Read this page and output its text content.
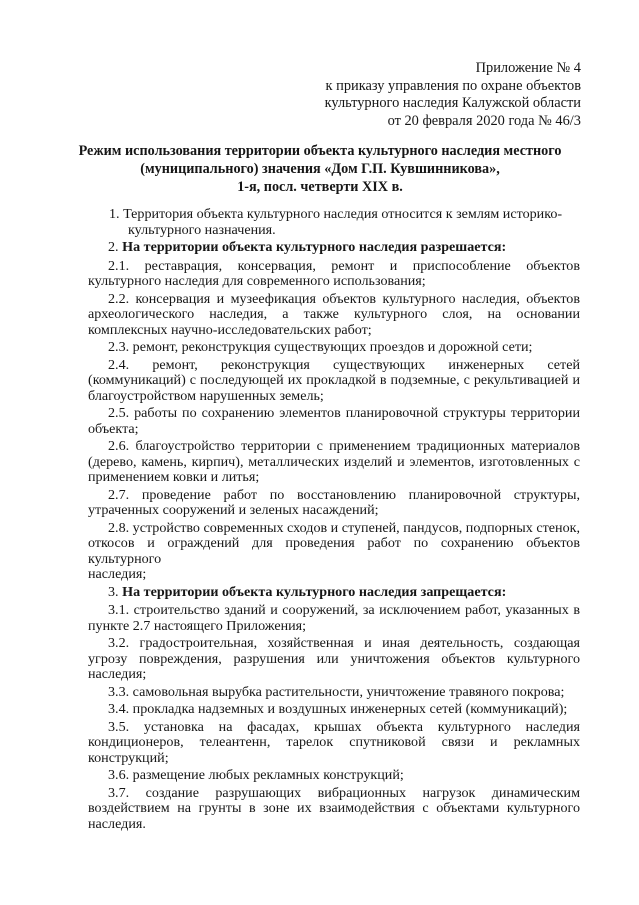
Приложение № 4
к приказу управления по охране объектов
культурного наследия Калужской области
от 20 февраля 2020 года № 46/3
Режим использования территории объекта культурного наследия местного
(муниципального) значения «Дом Г.П. Кувшинникова»,
1-я, посл. четверти XIX в.

1. Территория объекта культурного наследия относится к землям историко-культурного назначения.

2. На территории объекта культурного наследия разрешается:

2.1. реставрация, консервация, ремонт и приспособление объектов культурного наследия для современного использования;

2.2. консервация и музеефикация объектов культурного наследия, объектов археологического наследия, а также культурного слоя, на основании комплексных научно-исследовательских работ;

2.3. ремонт, реконструкция существующих проездов и дорожной сети;

2.4. ремонт, реконструкция существующих инженерных сетей (коммуникаций) с последующей их прокладкой в подземные, с рекультивацией и благоустройством нарушенных земель;

2.5. работы по сохранению элементов планировочной структуры территории объекта;

2.6. благоустройство территории с применением традиционных материалов (дерево, камень, кирпич), металлических изделий и элементов, изготовленных с применением ковки и литья;

2.7. проведение работ по восстановлению планировочной структуры, утраченных сооружений и зеленых насаждений;

2.8. устройство современных сходов и ступеней, пандусов, подпорных стенок, откосов и ограждений для проведения работ по сохранению объектов культурного

наследия;

3. На территории объекта культурного наследия запрещается:

3.1. строительство зданий и сооружений, за исключением работ, указанных в пункте 2.7 настоящего Приложения;

3.2. градостроительная, хозяйственная и иная деятельность, создающая угрозу повреждения, разрушения или уничтожения объектов культурного наследия;

3.3. самовольная вырубка растительности, уничтожение травяного покрова;

3.4. прокладка надземных и воздушных инженерных сетей (коммуникаций);

3.5. установка на фасадах, крышах объекта культурного наследия кондиционеров, телеантенн, тарелок спутниковой связи и рекламных конструкций;

3.6. размещение любых рекламных конструкций;

3.7. создание разрушающих вибрационных нагрузок динамическим воздействием на грунты в зоне их взаимодействия с объектами культурного наследия.
